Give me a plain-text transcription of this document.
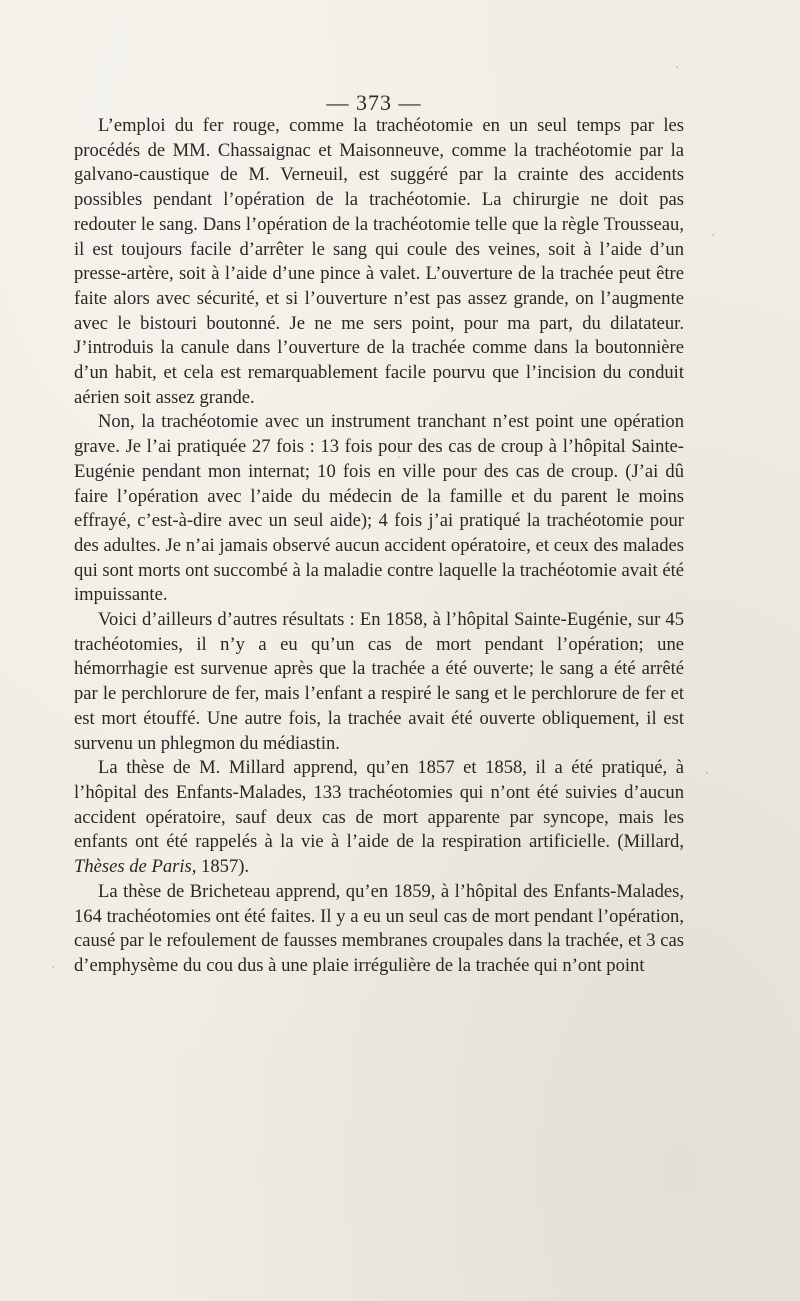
— 373 —

L’emploi du fer rouge, comme la trachéotomie en un seul temps par les procédés de MM. Chassaignac et Maisonneuve, comme la trachéotomie par la galvano-caustique de M. Verneuil, est suggéré par la crainte des accidents possibles pendant l’opération de la trachéotomie. La chirurgie ne doit pas redouter le sang. Dans l’opération de la trachéotomie telle que la règle Trousseau, il est toujours facile d’arrêter le sang qui coule des veines, soit à l’aide d’un presse-artère, soit à l’aide d’une pince à valet. L’ouverture de la trachée peut être faite alors avec sécurité, et si l’ouverture n’est pas assez grande, on l’augmente avec le bistouri boutonné. Je ne me sers point, pour ma part, du dilatateur. J’introduis la canule dans l’ouverture de la trachée comme dans la boutonnière d’un habit, et cela est remarquablement facile pourvu que l’incision du conduit aérien soit assez grande.

Non, la trachéotomie avec un instrument tranchant n’est point une opération grave. Je l’ai pratiquée 27 fois : 13 fois pour des cas de croup à l’hôpital Sainte-Eugénie pendant mon internat; 10 fois en ville pour des cas de croup. (J’ai dû faire l’opération avec l’aide du médecin de la famille et du parent le moins effrayé, c’est-à-dire avec un seul aide); 4 fois j’ai pratiqué la trachéotomie pour des adultes. Je n’ai jamais observé aucun accident opératoire, et ceux des malades qui sont morts ont succombé à la maladie contre laquelle la trachéotomie avait été impuissante.

Voici d’ailleurs d’autres résultats : En 1858, à l’hôpital Sainte-Eugénie, sur 45 trachéotomies, il n’y a eu qu’un cas de mort pendant l’opération; une hémorrhagie est survenue après que la trachée a été ouverte; le sang a été arrêté par le perchlorure de fer, mais l’enfant a respiré le sang et le perchlorure de fer et est mort étouffé. Une autre fois, la trachée avait été ouverte obliquement, il est survenu un phlegmon du médiastin.

La thèse de M. Millard apprend, qu’en 1857 et 1858, il a été pratiqué, à l’hôpital des Enfants-Malades, 133 trachéotomies qui n’ont été suivies d’aucun accident opératoire, sauf deux cas de mort apparente par syncope, mais les enfants ont été rappelés à la vie à l’aide de la respiration artificielle. (Millard, Thèses de Paris, 1857).

La thèse de Bricheteau apprend, qu’en 1859, à l’hôpital des Enfants-Malades, 164 trachéotomies ont été faites. Il y a eu un seul cas de mort pendant l’opération, causé par le refoulement de fausses membranes croupales dans la trachée, et 3 cas d’emphysème du cou dus à une plaie irrégulière de la trachée qui n’ont point
